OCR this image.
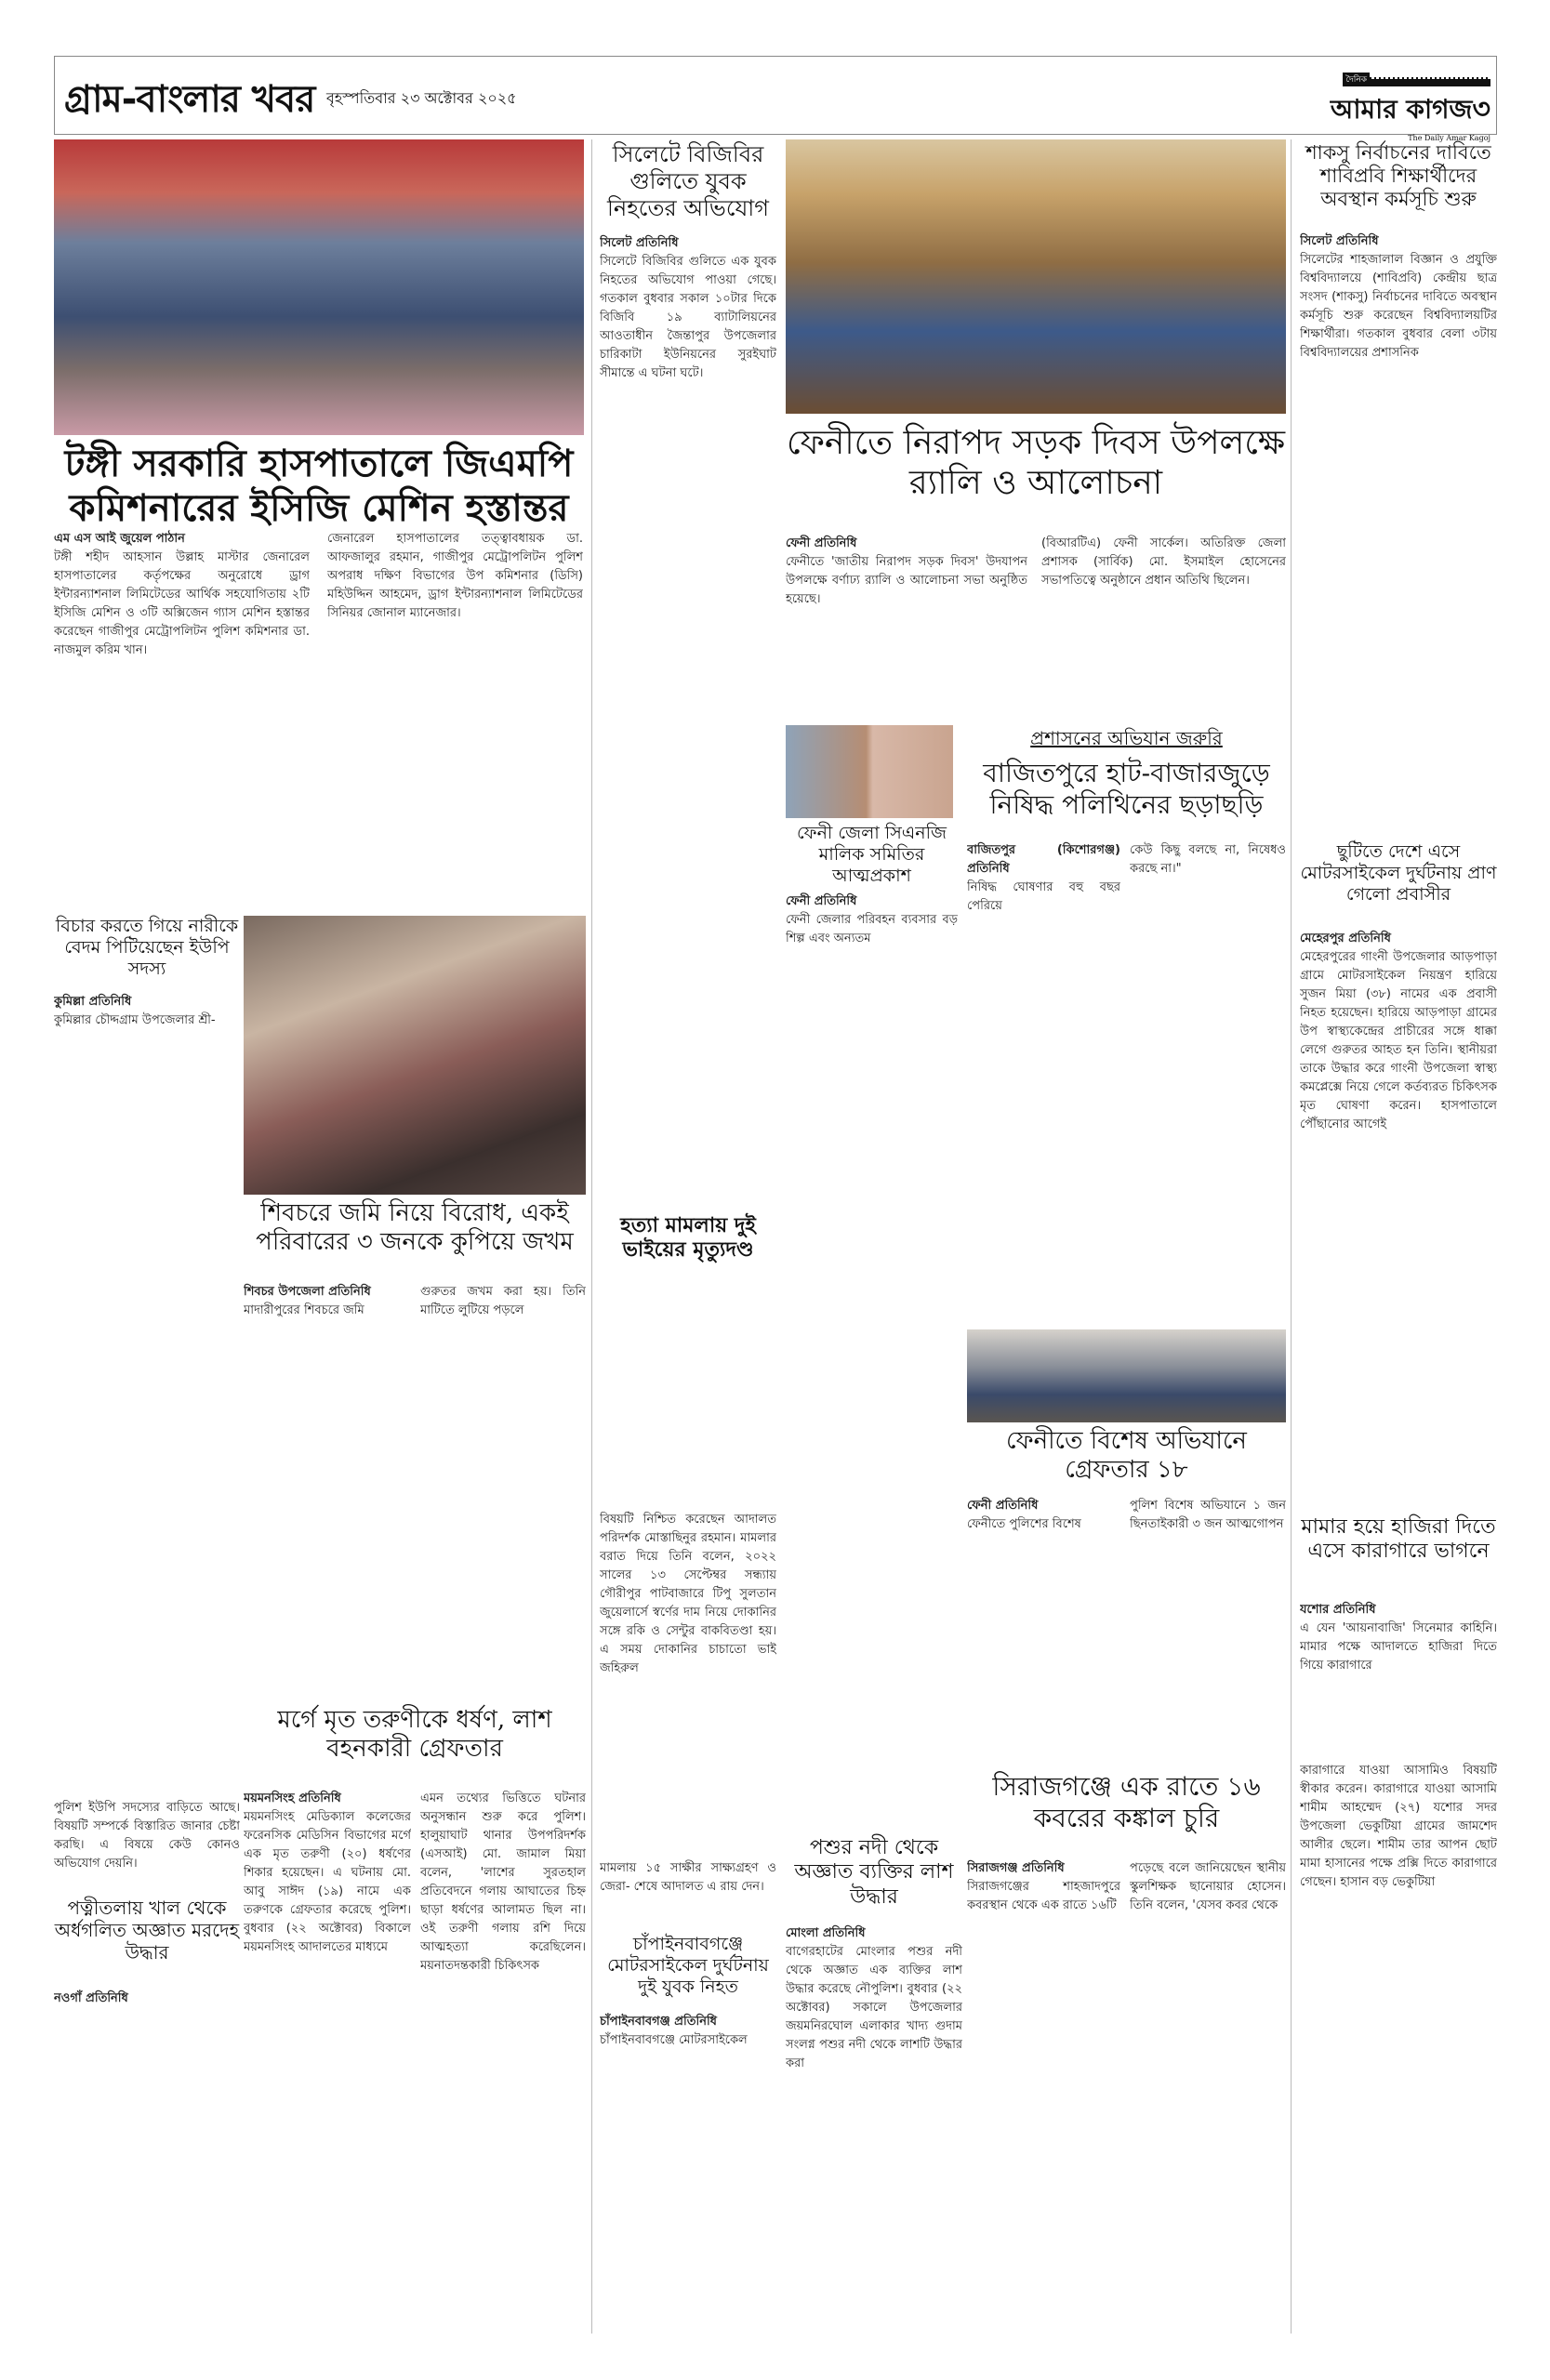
গ্রাম-বাংলার খবর বৃহস্পতিবার ২৩ অক্টোবর ২০২৫
দৈনিক
আমার কাগজ৩
The Daily Amar Kagoj
টঙ্গী সরকারি হাসপাতালে জিএমপি কমিশনারের ইসিজি মেশিন হস্তান্তর
এম এস আই জুয়েল পাঠান
টঙ্গী শহীদ আহসান উল্লাহ মাস্টার জেনারেল হাসপাতালের কর্তৃপক্ষের অনুরোধে ড্রাগ ইন্টারন্যাশনাল লিমিটেডের আর্থিক সহযোগিতায় ২টি ইসিজি মেশিন ও ৩টি অক্সিজেন গ্যাস মেশিন হস্তান্তর করেছেন গাজীপুর মেট্রোপলিটন পুলিশ কমিশনার ডা. নাজমুল করিম খান।
জেনারেল হাসপাতালের তত্ত্বাবধায়ক ডা. আফজালুর রহমান, গাজীপুর মেট্রোপলিটন পুলিশ অপরাধ দক্ষিণ বিভাগের উপ কমিশনার (ডিসি) মহিউদ্দিন আহমেদ, ড্রাগ ইন্টারন্যাশনাল লিমিটেডের সিনিয়র জোনাল ম্যানেজার।
সিলেটে বিজিবির গুলিতে যুবক নিহতের অভিযোগ
সিলেট প্রতিনিধি
সিলেটে বিজিবির গুলিতে এক যুবক নিহতের অভিযোগ পাওয়া গেছে। গতকাল বুধবার সকাল ১০টার দিকে বিজিবি ১৯ ব্যাটালিয়নের আওতাধীন জৈন্তাপুর উপজেলার চারিকাটা ইউনিয়নের সুরইঘাট সীমান্তে এ ঘটনা ঘটে।
ফেনীতে নিরাপদ সড়ক দিবস উপলক্ষে র‍্যালি ও আলোচনা
ফেনী প্রতিনিধি
ফেনীতে 'জাতীয় নিরাপদ সড়ক দিবস' উদযাপন উপলক্ষে বর্ণাঢ্য র‍্যালি ও আলোচনা সভা অনুষ্ঠিত হয়েছে।
(বিআরটিএ) ফেনী সার্কেল। অতিরিক্ত জেলা প্রশাসক (সার্বিক) মো. ইসমাইল হোসেনের সভাপতিত্বে অনুষ্ঠানে প্রধান অতিথি ছিলেন।
শাকসু নির্বাচনের দাবিতে শাবিপ্রবি শিক্ষার্থীদের অবস্থান কর্মসূচি শুরু
সিলেট প্রতিনিধি
সিলেটের শাহজালাল বিজ্ঞান ও প্রযুক্তি বিশ্ববিদ্যালয়ে (শাবিপ্রবি) কেন্দ্রীয় ছাত্র সংসদ (শাকসু) নির্বাচনের দাবিতে অবস্থান কর্মসূচি শুরু করেছেন বিশ্ববিদ্যালয়টির শিক্ষার্থীরা। গতকাল বুধবার বেলা ৩টায় বিশ্ববিদ্যালয়ের প্রশাসনিক
ফেনী জেলা সিএনজি মালিক সমিতির আত্মপ্রকাশ
ফেনী প্রতিনিধি
ফেনী জেলার পরিবহন ব্যবসার বড় শিল্প এবং অন্যতম
প্রশাসনের অভিযান জরুরি
বাজিতপুরে হাট-বাজারজুড়ে নিষিদ্ধ পলিথিনের ছড়াছড়ি
বাজিতপুর (কিশোরগঞ্জ) প্রতিনিধি
নিষিদ্ধ ঘোষণার বহু বছর পেরিয়ে
কেউ কিছু বলছে না, নিষেধও করছে না।"
ছুটিতে দেশে এসে মোটরসাইকেল দুর্ঘটনায় প্রাণ গেলো প্রবাসীর
মেহেরপুর প্রতিনিধি
মেহেরপুরের গাংনী উপজেলার আড়পাড়া গ্রামে মোটরসাইকেল নিয়ন্ত্রণ হারিয়ে সুজন মিয়া (৩৮) নামের এক প্রবাসী নিহত হয়েছেন। হারিয়ে আড়পাড়া গ্রামের উপ স্বাস্থ্যকেন্দ্রের প্রাচীরের সঙ্গে ধাক্কা লেগে গুরুতর আহত হন তিনি। স্থানীয়রা তাকে উদ্ধার করে গাংনী উপজেলা স্বাস্থ্য কমপ্লেক্সে নিয়ে গেলে কর্তব্যরত চিকিৎসক মৃত ঘোষণা করেন। হাসপাতালে পৌঁছানোর আগেই
বিচার করতে গিয়ে নারীকে বেদম পিটিয়েছেন ইউপি সদস্য
কুমিল্লা প্রতিনিধি
কুমিল্লার চৌদ্দগ্রাম উপজেলার শ্রী-
পুলিশ ইউপি সদস্যের বাড়িতে আছে। বিষয়টি সম্পর্কে বিস্তারিত জানার চেষ্টা করছি। এ বিষয়ে কেউ কোনও অভিযোগ দেয়নি।
শিবচরে জমি নিয়ে বিরোধ, একই পরিবারের ৩ জনকে কুপিয়ে জখম
শিবচর উপজেলা প্রতিনিধি
মাদারীপুরের শিবচরে জমি
গুরুতর জখম করা হয়। তিনি মাটিতে লুটিয়ে পড়লে
হত্যা মামলায় দুই ভাইয়ের মৃত্যুদণ্ড
বিষয়টি নিশ্চিত করেছেন আদালত পরিদর্শক মোস্তাছিনুর রহমান। মামলার বরাত দিয়ে তিনি বলেন, ২০২২ সালের ১৩ সেপ্টেম্বর সন্ধ্যায় গৌরীপুর পাটবাজারে টিপু সুলতান জুয়েলার্সে স্বর্ণের দাম নিয়ে দোকানির সঙ্গে রকি ও সেন্টুর বাকবিতণ্ডা হয়। এ সময় দোকানির চাচাতো ভাই জহিরুল
মামলায় ১৫ সাক্ষীর সাক্ষ্যগ্রহণ ও জেরা- শেষে আদালত এ রায় দেন।
ফেনীতে বিশেষ অভিযানে গ্রেফতার ১৮
ফেনী প্রতিনিধি
ফেনীতে পুলিশের বিশেষ
পুলিশ বিশেষ অভিযানে ১ জন ছিনতাইকারী ৩ জন আত্মগোপন মামার হয়ে হাজিরা দিতে এসে কারাগারে ভাগনে
যশোর প্রতিনিধি
এ যেন 'আয়নাবাজি' সিনেমার কাহিনি। মামার পক্ষে আদালতে হাজিরা দিতে গিয়ে কারাগারে
কারাগারে যাওয়া আসামিও বিষয়টি স্বীকার করেন। কারাগারে যাওয়া আসামি শামীম আহম্মেদ (২৭) যশোর সদর উপজেলা ভেকুটিয়া গ্রামের জামশেদ আলীর ছেলে। শামীম তার আপন ছোট মামা হাসানের পক্ষে প্রক্সি দিতে কারাগারে গেছেন। হাসান বড় ভেকুটিয়া
মর্গে মৃত তরুণীকে ধর্ষণ, লাশ বহনকারী গ্রেফতার
ময়মনসিংহ প্রতিনিধি
ময়মনসিংহ মেডিক্যাল কলেজের ফরেনসিক মেডিসিন বিভাগের মর্গে এক মৃত তরুণী (২০) ধর্ষণের শিকার হয়েছেন। এ ঘটনায় মো. আবু সাঈদ (১৯) নামে এক তরুণকে গ্রেফতার করেছে পুলিশ। বুধবার (২২ অক্টোবর) বিকালে ময়মনসিংহ আদালতের মাধ্যমে
এমন তথ্যের ভিত্তিতে ঘটনার অনুসন্ধান শুরু করে পুলিশ। হালুয়াঘাট থানার উপপরিদর্শক (এসআই) মো. জামাল মিয়া বলেন, 'লাশের সুরতহাল প্রতিবেদনে গলায় আঘাতের চিহ্ন ছাড়া ধর্ষণের আলামত ছিল না। ওই তরুণী গলায় রশি দিয়ে আত্মহত্যা করেছিলেন। ময়নাতদন্তকারী চিকিৎসক
পত্নীতলায় খাল থেকে অর্ধগলিত অজ্ঞাত মরদেহ উদ্ধার
নওগাঁ প্রতিনিধি
চাঁপাইনবাবগঞ্জে মোটরসাইকেল দুর্ঘটনায় দুই যুবক নিহত
চাঁপাইনবাবগঞ্জ প্রতিনিধি
চাঁপাইনবাবগঞ্জে মোটরসাইকেল
পশুর নদী থেকে অজ্ঞাত ব্যক্তির লাশ উদ্ধার
মোংলা প্রতিনিধি
বাগেরহাটের মোংলার পশুর নদী থেকে অজ্ঞাত এক ব্যক্তির লাশ উদ্ধার করেছে নৌপুলিশ। বুধবার (২২ অক্টোবর) সকালে উপজেলার জয়মনিরঘোল এলাকার খাদ্য গুদাম সংলগ্ন পশুর নদী থেকে লাশটি উদ্ধার করা
সিরাজগঞ্জে এক রাতে ১৬ কবরের কঙ্কাল চুরি
সিরাজগঞ্জ প্রতিনিধি
সিরাজগঞ্জের শাহজাদপুরে কবরস্থান থেকে এক রাতে ১৬টি
পড়েছে বলে জানিয়েছেন স্থানীয় স্কুলশিক্ষক ছানোয়ার হোসেন। তিনি বলেন, 'যেসব কবর থেকে
